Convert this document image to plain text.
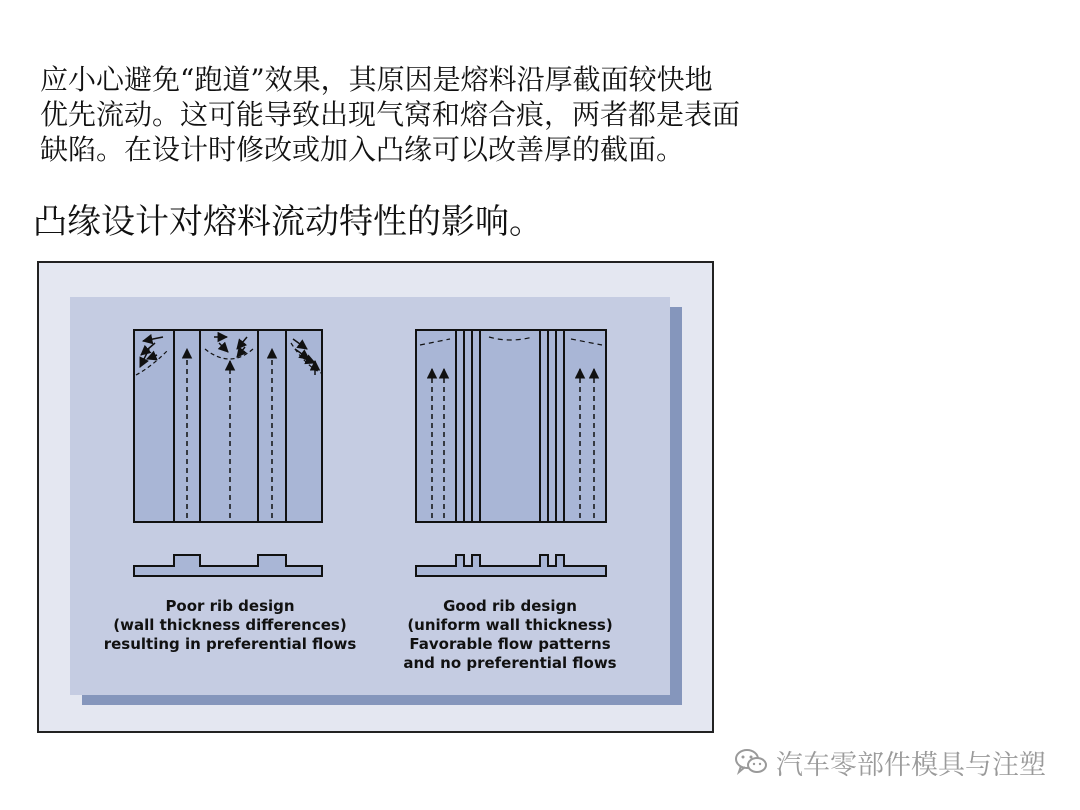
应小心避免“跑道”效果，其原因是熔料沿厚截面较快地
优先流动。这可能导致出现气窝和熔合痕，两者都是表面
缺陷。在设计时修改或加入凸缘可以改善厚的截面。
凸缘设计对熔料流动特性的影响。
Poor rib design
(wall thickness differences)
resulting in preferential flows
Good rib design
(uniform wall thickness)
Favorable flow patterns
and no preferential flows
汽车零部件模具与注塑
